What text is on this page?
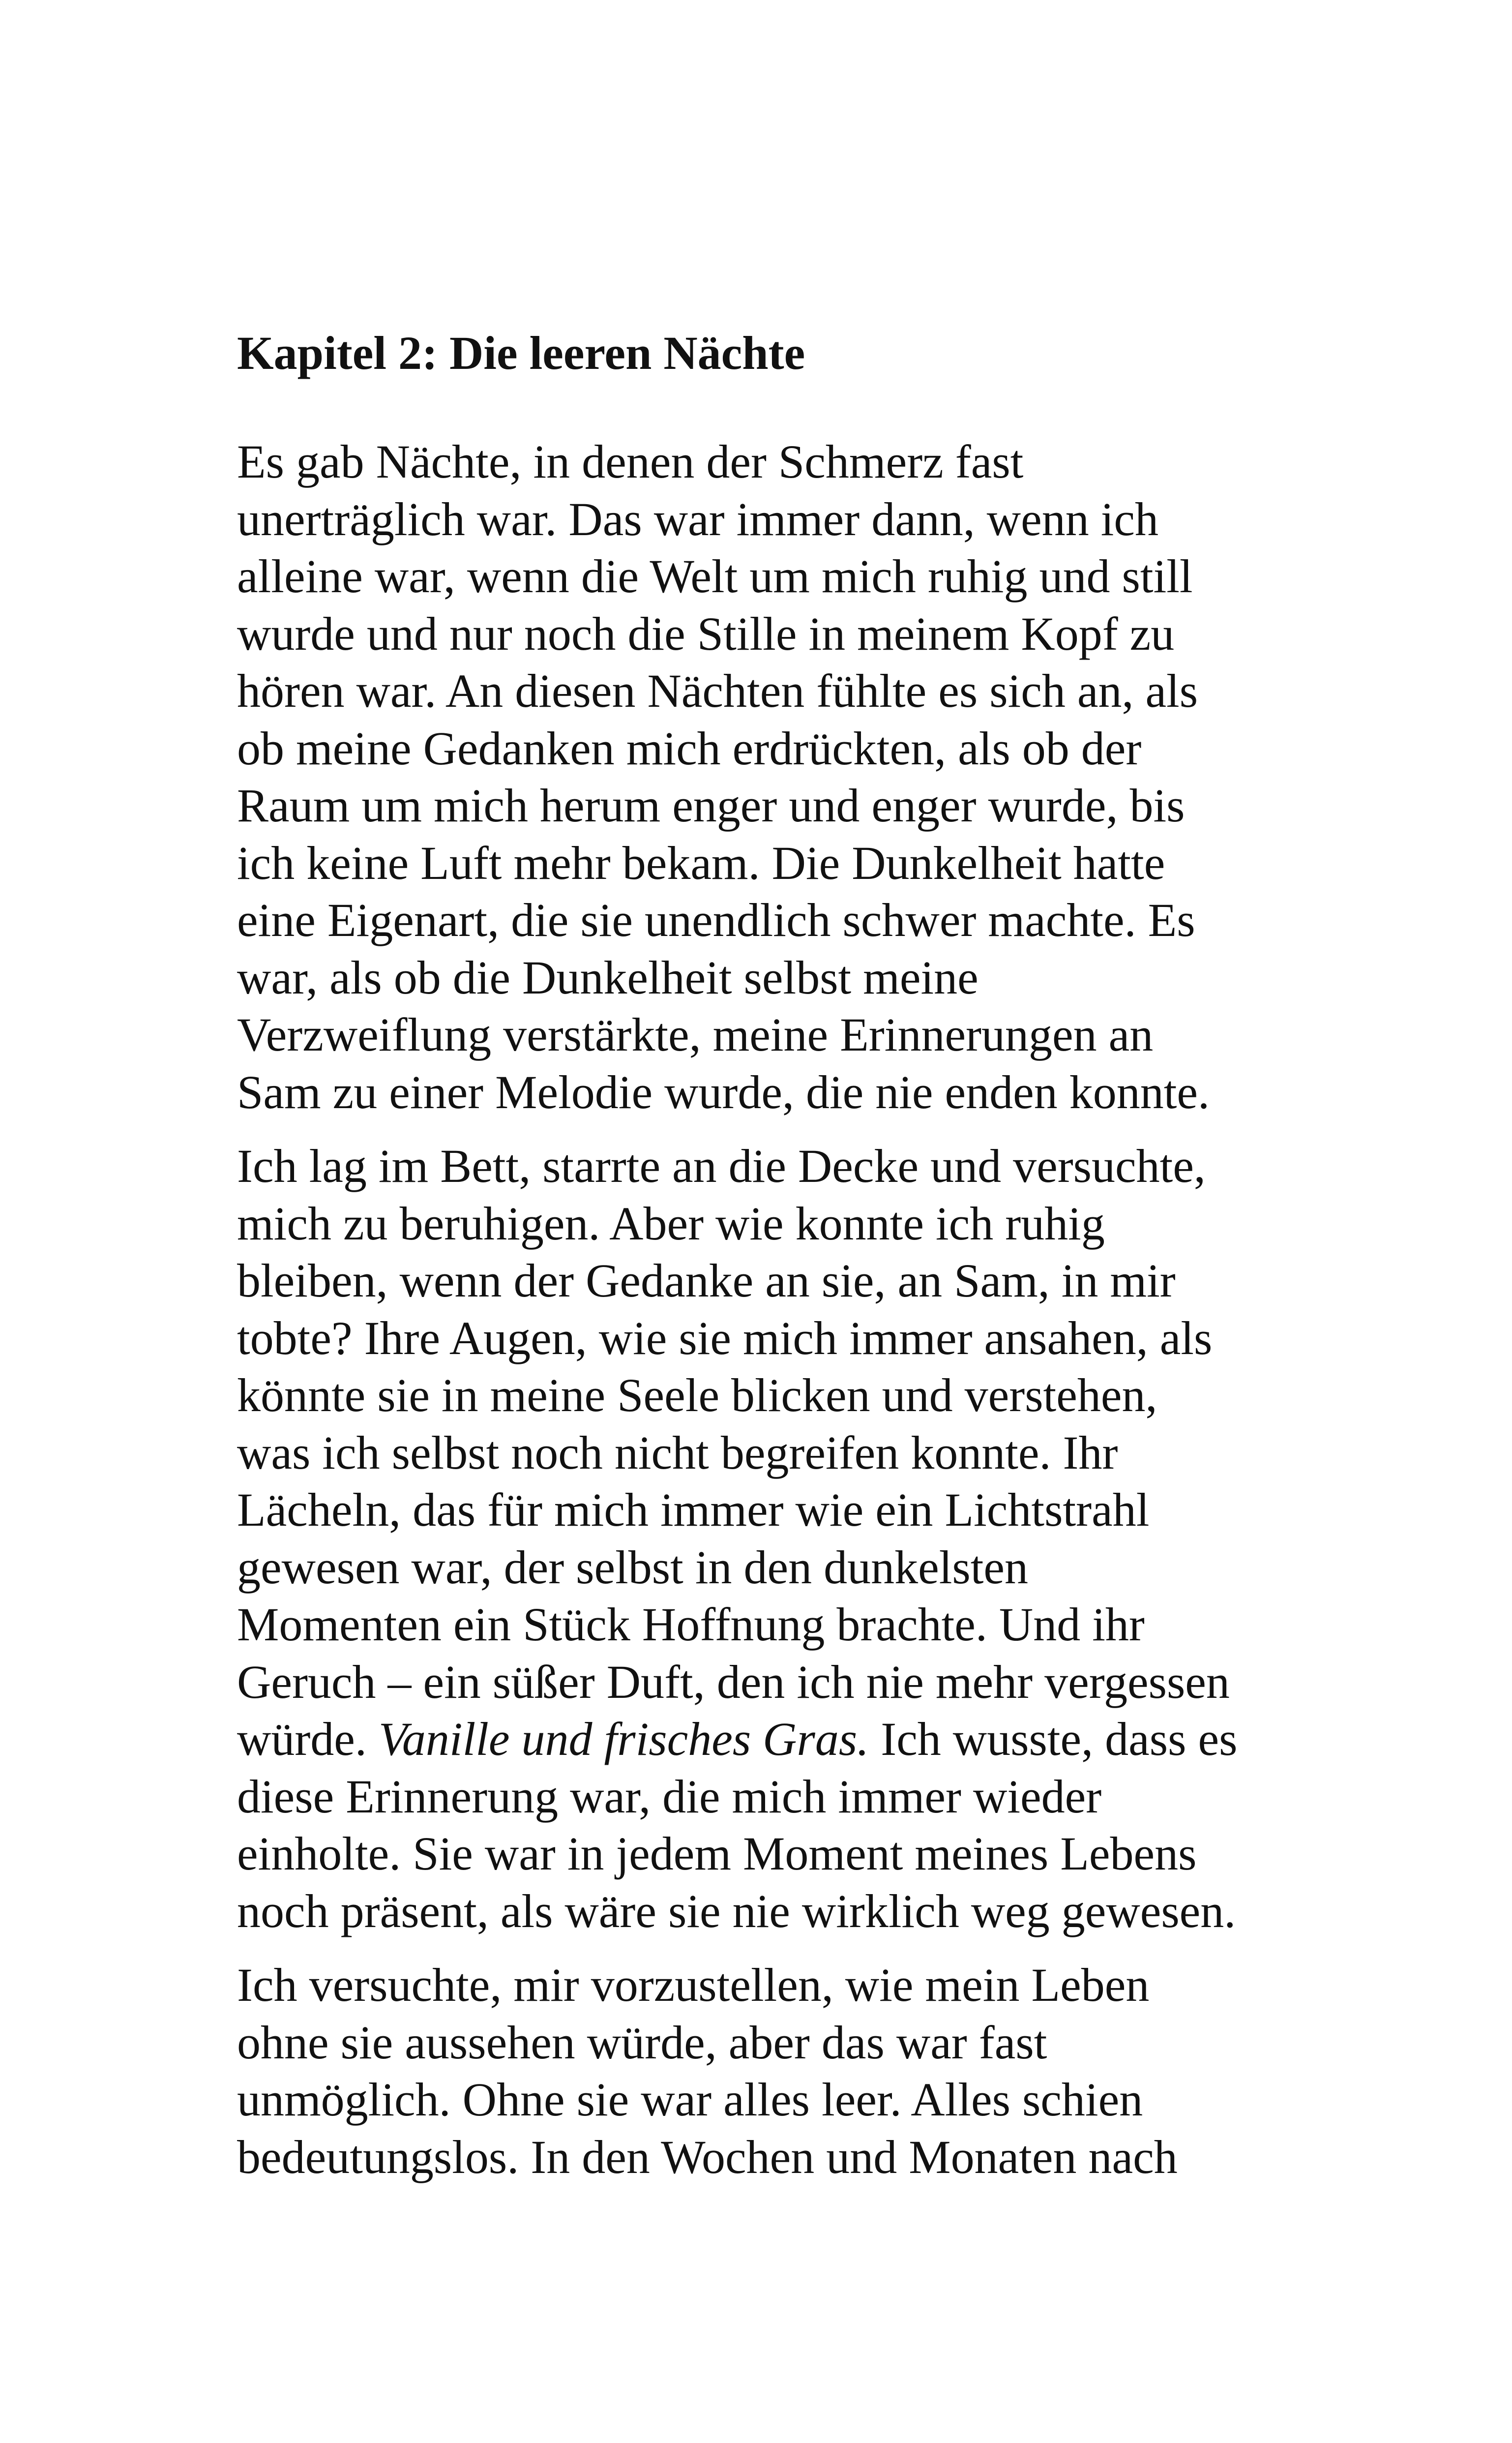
Kapitel 2: Die leeren Nächte

Es gab Nächte, in denen der Schmerz fast
unerträglich war. Das war immer dann, wenn ich
alleine war, wenn die Welt um mich ruhig und still
wurde und nur noch die Stille in meinem Kopf zu
hören war. An diesen Nächten fühlte es sich an, als
ob meine Gedanken mich erdrückten, als ob der
Raum um mich herum enger und enger wurde, bis
ich keine Luft mehr bekam. Die Dunkelheit hatte
eine Eigenart, die sie unendlich schwer machte. Es
war, als ob die Dunkelheit selbst meine
Verzweiflung verstärkte, meine Erinnerungen an
Sam zu einer Melodie wurde, die nie enden konnte.

Ich lag im Bett, starrte an die Decke und versuchte,
mich zu beruhigen. Aber wie konnte ich ruhig
bleiben, wenn der Gedanke an sie, an Sam, in mir
tobte? Ihre Augen, wie sie mich immer ansahen, als
könnte sie in meine Seele blicken und verstehen,
was ich selbst noch nicht begreifen konnte. Ihr
Lächeln, das für mich immer wie ein Lichtstrahl
gewesen war, der selbst in den dunkelsten
Momenten ein Stück Hoffnung brachte. Und ihr
Geruch – ein süßer Duft, den ich nie mehr vergessen
würde. Vanille und frisches Gras. Ich wusste, dass es
diese Erinnerung war, die mich immer wieder
einholte. Sie war in jedem Moment meines Lebens
noch präsent, als wäre sie nie wirklich weg gewesen.

Ich versuchte, mir vorzustellen, wie mein Leben
ohne sie aussehen würde, aber das war fast
unmöglich. Ohne sie war alles leer. Alles schien
bedeutungslos. In den Wochen und Monaten nach
